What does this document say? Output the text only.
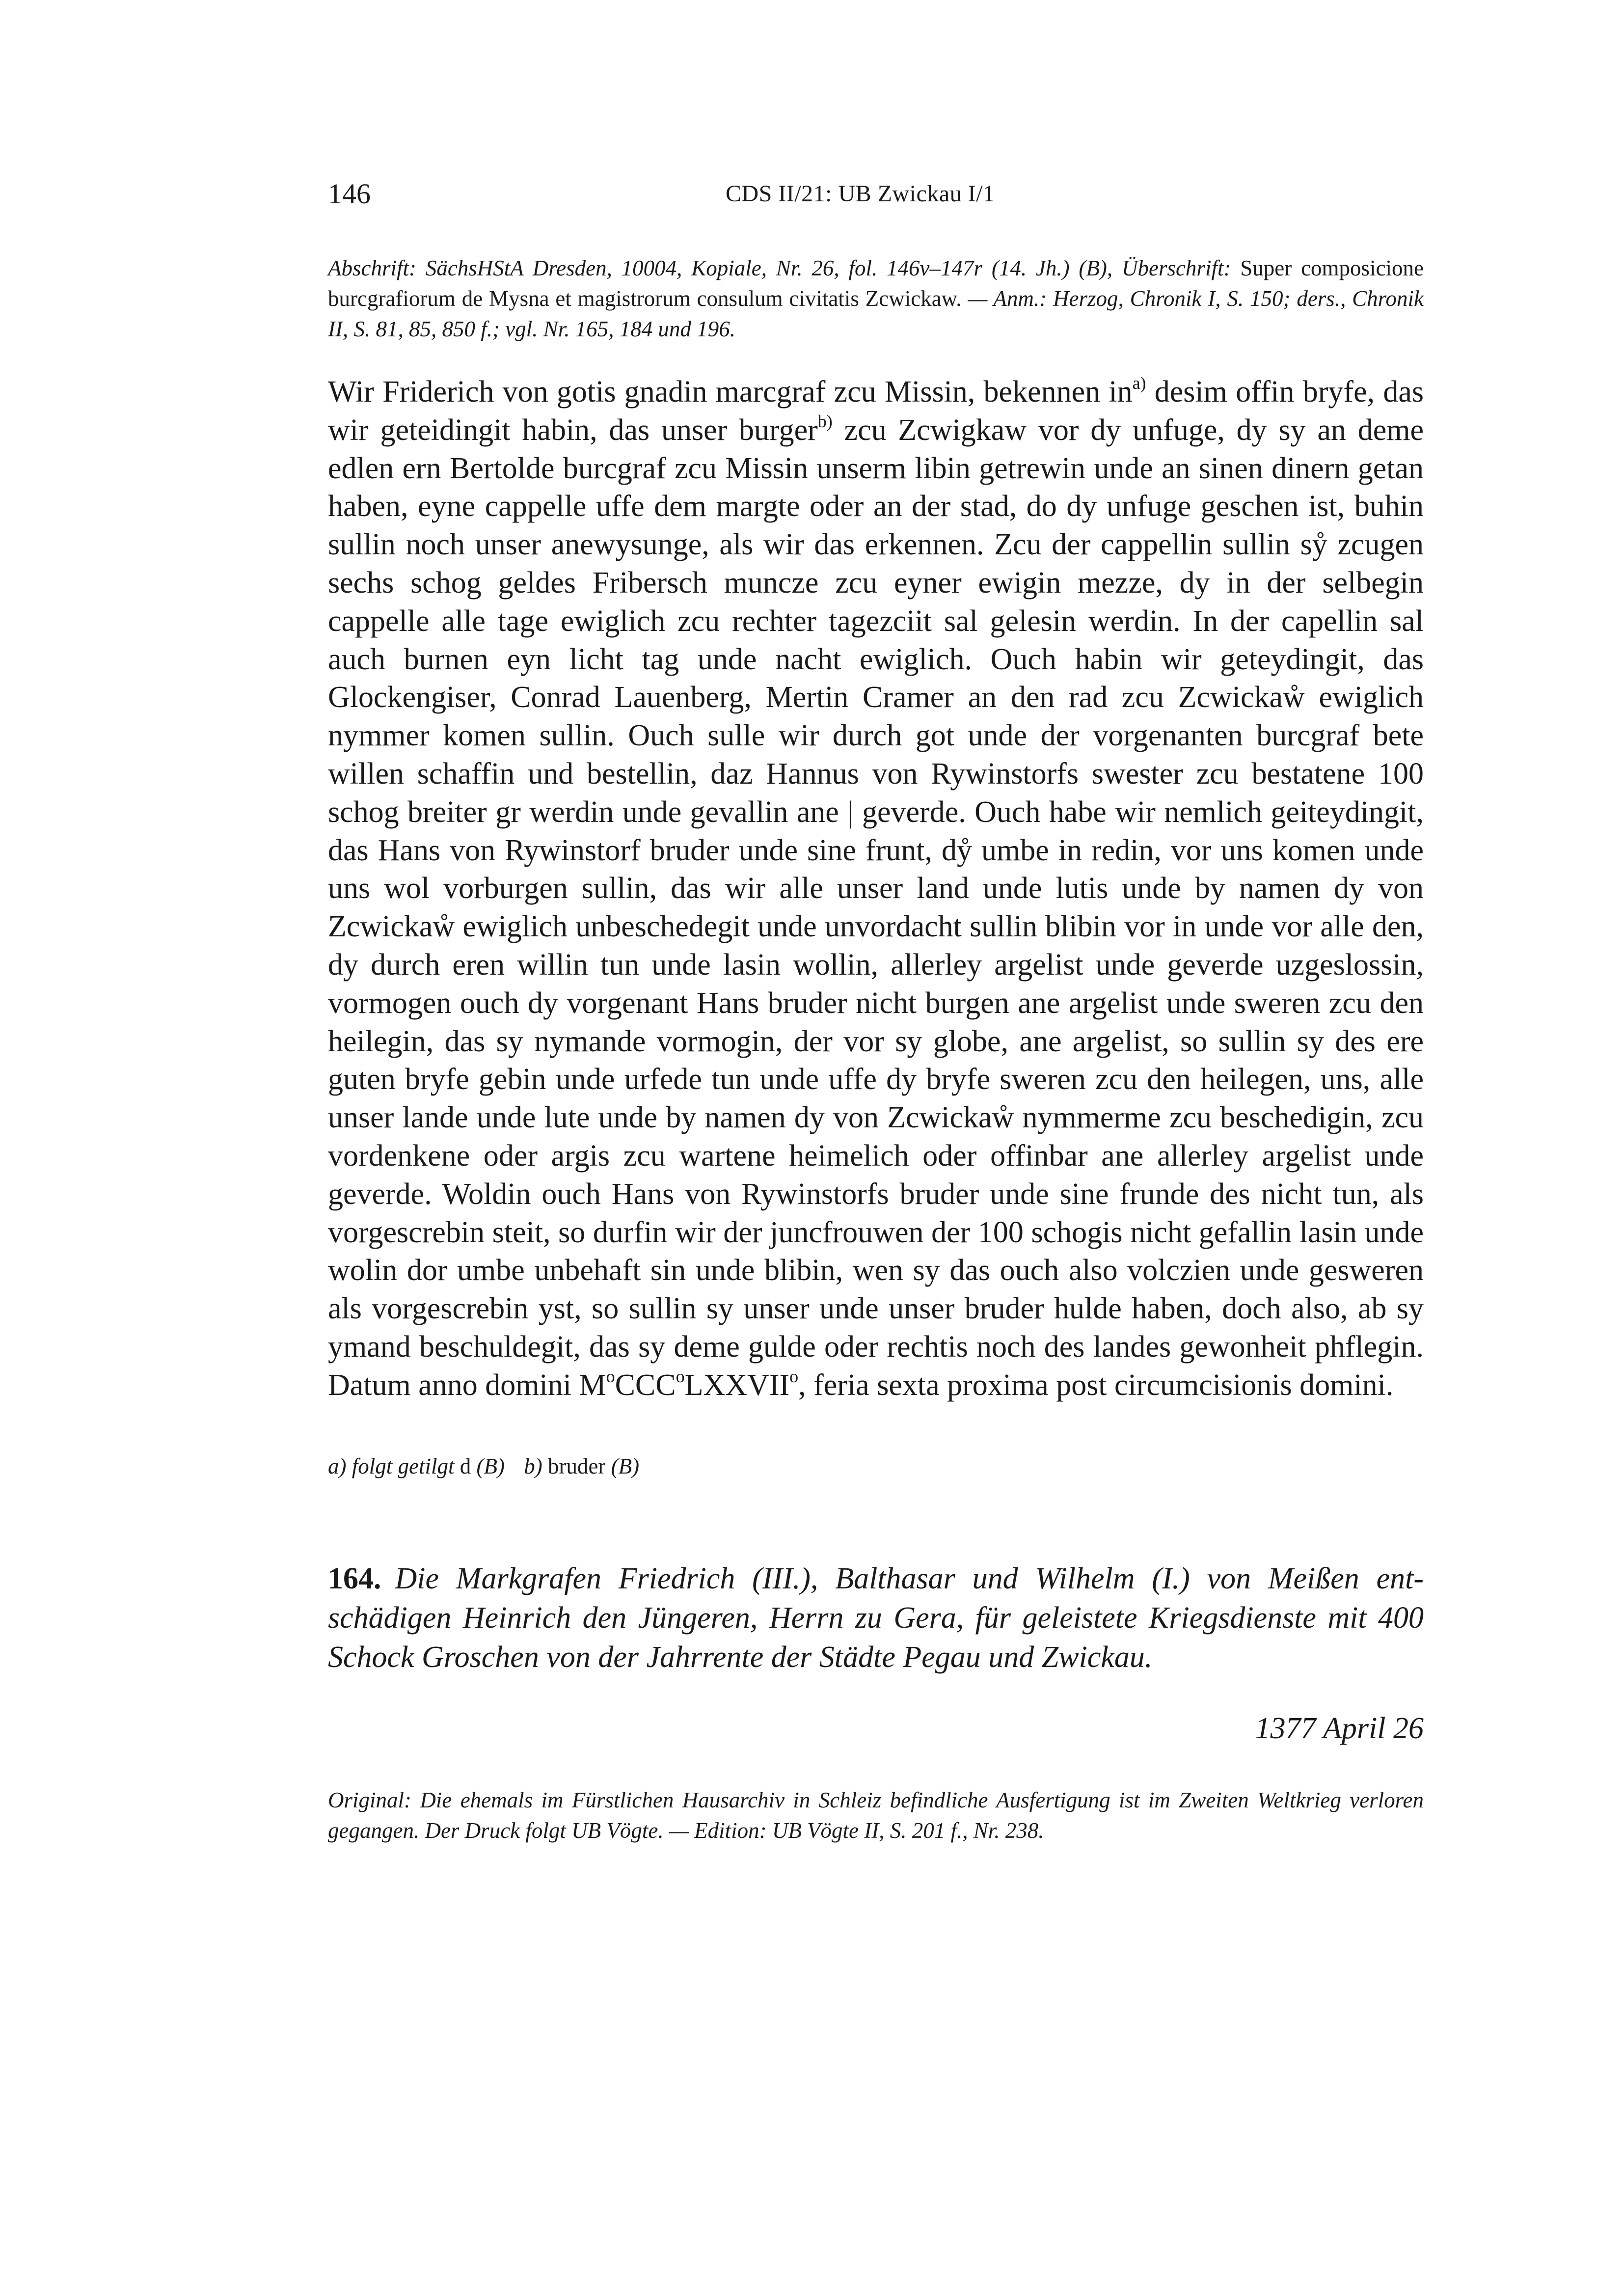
146	CDS II/21: UB Zwickau I/1
Abschrift: SächsHStA Dresden, 10004, Kopiale, Nr. 26, fol. 146v–147r (14. Jh.) (B), Überschrift: Super composicione burcgrafiorum de Mysna et magistrorum consulum civitatis Zcwickaw. — Anm.: Herzog, Chronik I, S. 150; ders., Chronik II, S. 81, 85, 850 f.; vgl. Nr. 165, 184 und 196.

Wir Friderich von gotis gnadin marcgraf zcu Missin, bekennen $in^{a)}$ desim offin bryfe, das wir geteidingit habin, das unser burger$^{b)}$ zcu Zcwigkaw vor dy unfuge, dy sy an deme edlen ern Bertolde burcgraf zcu Missin unserm libin getrewin unde an sinen dinern getan haben, eyne cappelle uffe dem margte oder an der stad, do dy unfuge geschen ist, buhin sullin noch unser anewysunge, als wir das erkennen. Zcu der cappellin sullin sẙ zcugen sechs schog geldes Fribersch muncze zcu eyner ewigin mezze, dy in der selbegin cappelle alle tage ewiglich zcu rechter tagezciit sal gelesin werdin. In der capellin sal auch burnen eyn licht tag unde nacht ewiglich. Ouch habin wir geteydingit, das Glockengiser, Conrad Lauenberg, Mertin Cramer an den rad zcu Zcwickaẘ ewiglich nymmer komen sullin. Ouch sulle wir durch got unde der vorgenanten burcgraf bete willen schaffin und bestellin, daz Hannus von Rywinstorfs swester zcu bestatene 100 schog breiter gr werdin unde gevallin ane | geverde. Ouch habe wir nemlich geiteydingit, das Hans von Rywinstorf bruder unde sine frunt, dẙ umbe in redin, vor uns komen unde uns wol vorburgen sullin, das wir alle unser land unde lutis unde by namen dy von Zcwickaẘ ewiglich unbeschedegit unde unvordacht sullin blibin vor in unde vor alle den, dy durch eren willin tun unde lasin wollin, allerley argelist unde geverde uzgeslossin, vormogen ouch dy vorgenant Hans bruder nicht burgen ane argelist unde sweren zcu den heilegin, das sy nymande vormogin, der vor sy globe, ane argelist, so sullin sy des ere guten bryfe gebin unde urfede tun unde uffe dy bryfe sweren zcu den heilegen, uns, alle unser lande unde lute unde by namen dy von Zcwickaẘ nymmerme zcu beschedigin, zcu vordenkene oder argis zcu wartene heimelich oder offinbar ane allerley argelist unde geverde. Woldin ouch Hans von Rywinstorfs bruder unde sine frunde des nicht tun, als vorgescrebin steit, so durfin wir der juncfrouwen der 100 schogis nicht gefallin lasin unde wolin dor umbe unbehaft sin unde blibin, wen sy das ouch also volczien unde gesweren als vorgescrebin yst, so sullin sy unser unde unser bruder hulde haben, doch also, ab sy ymand beschuldegit, das sy deme gulde oder rechtis noch des landes gewonheit phflegin. Datum anno domini $M^oCCC^oLXXVII^o$, feria sexta proxima post circumcisionis domini.

a) folgt getilgt d (B) b) bruder (B)
164. Die Markgrafen Friedrich (III.), Balthasar und Wilhelm (I.) von Meißen entschädigen Heinrich den Jüngeren, Herrn zu Gera, für geleistete Kriegsdienste mit 400 Schock Groschen von der Jahrrente der Städte Pegau und Zwickau.
1377 April 26
Original: Die ehemals im Fürstlichen Hausarchiv in Schleiz befindliche Ausfertigung ist im Zweiten Weltkrieg verloren gegangen. Der Druck folgt UB Vögte. — Edition: UB Vögte II, S. 201 f., Nr. 238.
